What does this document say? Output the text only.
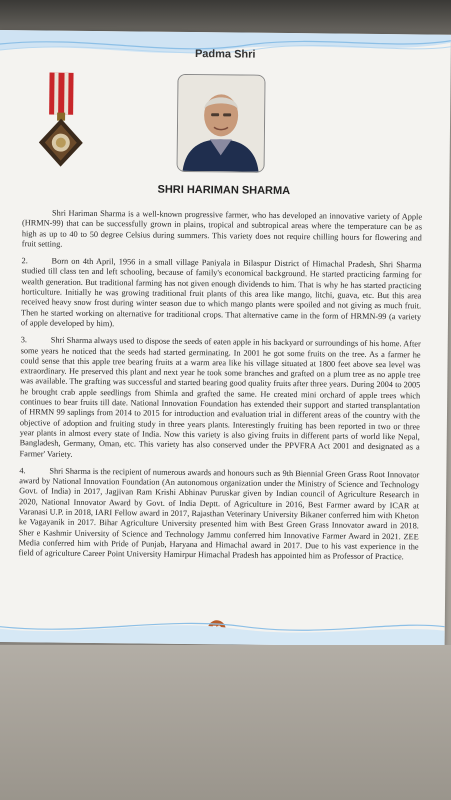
Padma Shri
SHRI HARIMAN SHARMA

Shri Hariman Sharma is a well-known progressive farmer, who has developed an innovative variety of Apple (HRMN-99) that can be successfully grown in plains, tropical and subtropical areas where the temperature can be as high as up to 40 to 50 degree Celsius during summers. This variety does not require chilling hours for flowering and fruit setting.

2.	Born on 4th April, 1956 in a small village Paniyala in Bilaspur District of Himachal Pradesh, Shri Sharma studied till class ten and left schooling, because of family's economical background. He started practicing farming for wealth generation. But traditional farming has not given enough dividends to him. That is why he has started practicing horticulture. Initially he was growing traditional fruit plants of this area like mango, litchi, guava, etc. But this area received heavy snow frost during winter season due to which mango plants were spoiled and not giving as much fruit. Then he started working on alternative for traditional crops. That alternative came in the form of HRMN-99 (a variety of apple developed by him).

3.	Shri Sharma always used to dispose the seeds of eaten apple in his backyard or surroundings of his home. After some years he noticed that the seeds had started germinating. In 2001 he got some fruits on the tree. As a farmer he could sense that this apple tree bearing fruits at a warm area like his village situated at 1800 feet above sea level was extraordinary. He preserved this plant and next year he took some branches and grafted on a plum tree as no apple tree was available. The grafting was successful and started bearing good quality fruits after three years. During 2004 to 2005 he brought crab apple seedlings from Shimla and grafted the same. He created mini orchard of apple trees which continues to bear fruits till date. National Innovation Foundation has extended their support and started transplantation of HRMN 99 saplings from 2014 to 2015 for introduction and evaluation trial in different areas of the country with the objective of adoption and fruiting study in three years plants. Interestingly fruiting has been reported in two or three year plants in almost every state of India. Now this variety is also giving fruits in different parts of world like Nepal, Bangladesh, Germany, Oman, etc. This variety has also conserved under the PPVFRA Act 2001 and designated as a Farmer' Variety.

4.	Shri Sharma is the recipient of numerous awards and honours such as 9th Biennial Green Grass Root Innovator award by National Innovation Foundation (An autonomous organization under the Ministry of Science and Technology Govt. of India) in 2017, Jagjivan Ram Krishi Abhinav Puruskar given by Indian council of Agriculture Research in 2020, National Innovator Award by Govt. of India Deptt. of Agriculture in 2016, Best Farmer award by ICAR at Varanasi U.P. in 2018, IARI Fellow award in 2017, Rajasthan Veterinary University Bikaner conferred him with Kheton ke Vagayanik in 2017. Bihar Agriculture University presented him with Best Green Grass Innovator award in 2018. Sher e Kashmir University of Science and Technology Jammu conferred him Innovative Farmer Award in 2021. ZEE Media conferred him with Pride of Punjab, Haryana and Himachal award in 2017. Due to his vast experience in the field of agriculture Career Point University Hamirpur Himachal Pradesh has appointed him as Professor of Practice.
